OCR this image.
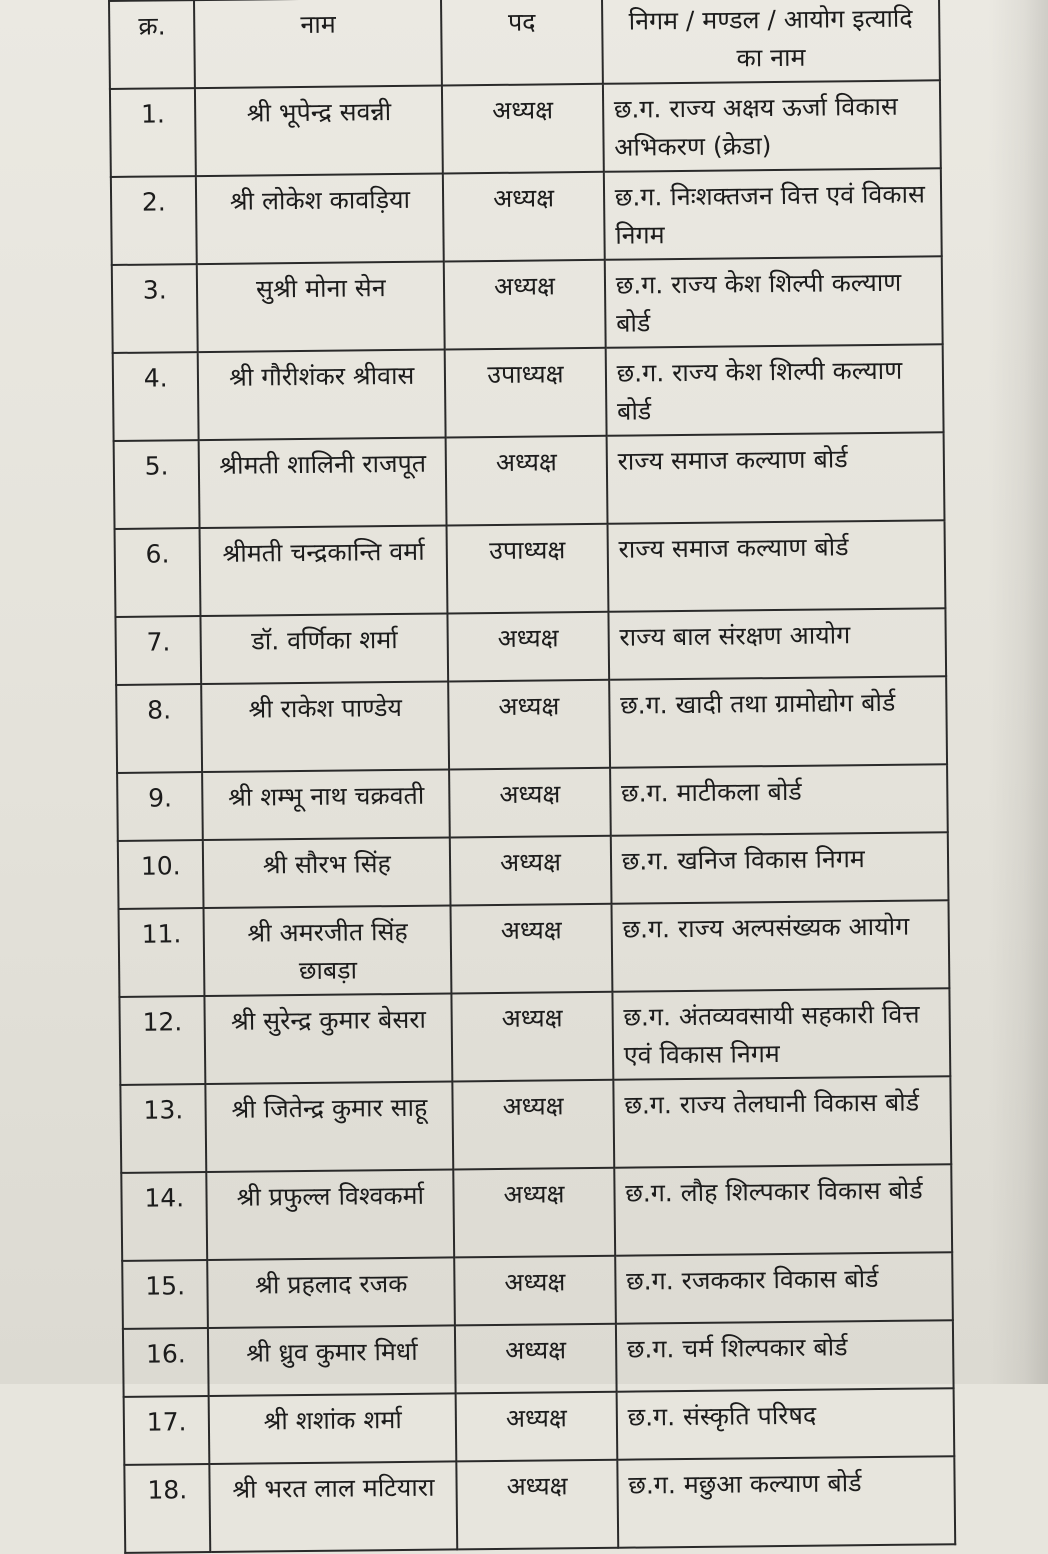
क्र.	नाम	पद	निगम / मण्डल / आयोग इत्यादि का नाम
1.	श्री भूपेन्द्र सवन्नी	अध्यक्ष	छ.ग. राज्य अक्षय ऊर्जा विकास अभिकरण (क्रेडा)
2.	श्री लोकेश कावड़िया	अध्यक्ष	छ.ग. निःशक्तजन वित्त एवं विकास निगम
3.	सुश्री मोना सेन	अध्यक्ष	छ.ग. राज्य केश शिल्पी कल्याण बोर्ड
4.	श्री गौरीशंकर श्रीवास	उपाध्यक्ष	छ.ग. राज्य केश शिल्पी कल्याण बोर्ड
5.	श्रीमती शालिनी राजपूत	अध्यक्ष	राज्य समाज कल्याण बोर्ड
6.	श्रीमती चन्द्रकान्ति वर्मा	उपाध्यक्ष	राज्य समाज कल्याण बोर्ड
7.	डॉ. वर्णिका शर्मा	अध्यक्ष	राज्य बाल संरक्षण आयोग
8.	श्री राकेश पाण्डेय	अध्यक्ष	छ.ग. खादी तथा ग्रामोद्योग बोर्ड
9.	श्री शम्भू नाथ चक्रवती	अध्यक्ष	छ.ग. माटीकला बोर्ड
10.	श्री सौरभ सिंह	अध्यक्ष	छ.ग. खनिज विकास निगम
11.	श्री अमरजीत सिंह छाबड़ा	अध्यक्ष	छ.ग. राज्य अल्पसंख्यक आयोग
12.	श्री सुरेन्द्र कुमार बेसरा	अध्यक्ष	छ.ग. अंतव्यवसायी सहकारी वित्त एवं विकास निगम
13.	श्री जितेन्द्र कुमार साहू	अध्यक्ष	छ.ग. राज्य तेलघानी विकास बोर्ड
14.	श्री प्रफुल्ल विश्वकर्मा	अध्यक्ष	छ.ग. लौह शिल्पकार विकास बोर्ड
15.	श्री प्रहलाद रजक	अध्यक्ष	छ.ग. रजककार विकास बोर्ड
16.	श्री ध्रुव कुमार मिर्धा	अध्यक्ष	छ.ग. चर्म शिल्पकार बोर्ड
17.	श्री शशांक शर्मा	अध्यक्ष	छ.ग. संस्कृति परिषद
18.	श्री भरत लाल मटियारा	अध्यक्ष	छ.ग. मछुआ कल्याण बोर्ड
